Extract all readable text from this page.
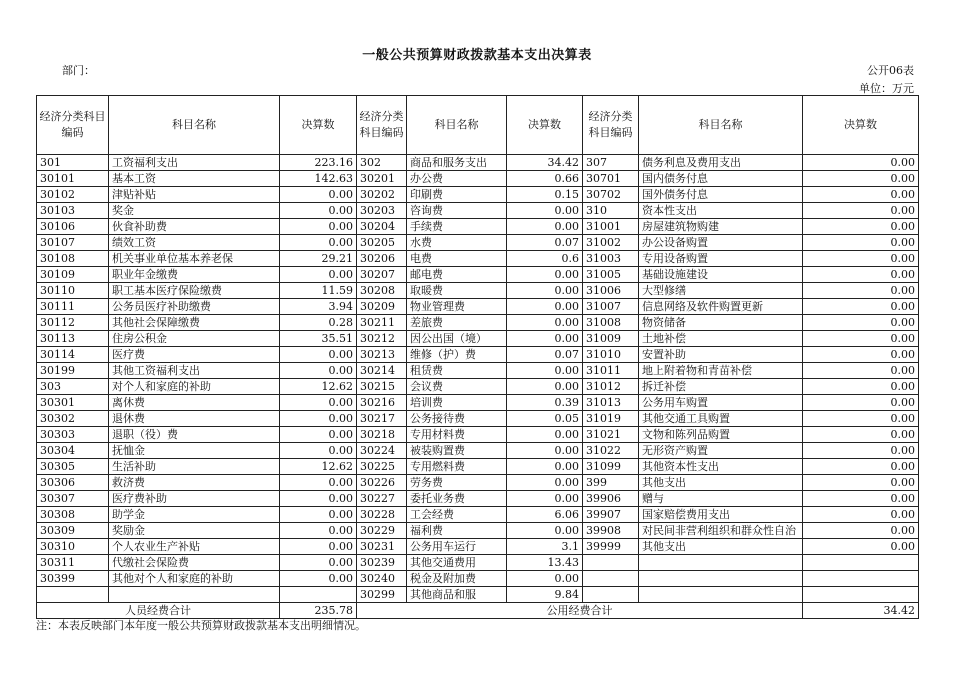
一般公共预算财政拨款基本支出决算表
部门：	公开06表
单位：万元
经济分类科目编码	科目名称	决算数	经济分类科目编码	科目名称	决算数	经济分类科目编码	科目名称	决算数
301	工资福利支出	223.16	302	商品和服务支出	34.42	307	债务利息及费用支出	0.00
30101	基本工资	142.63	30201	办公费	0.66	30701	国内债务付息	0.00
30102	津贴补贴	0.00	30202	印刷费	0.15	30702	国外债务付息	0.00
30103	奖金	0.00	30203	咨询费	0.00	310	资本性支出	0.00
30106	伙食补助费	0.00	30204	手续费	0.00	31001	房屋建筑物购建	0.00
30107	绩效工资	0.00	30205	水费	0.07	31002	办公设备购置	0.00
30108	机关事业单位基本养老保	29.21	30206	电费	0.6	31003	专用设备购置	0.00
30109	职业年金缴费	0.00	30207	邮电费	0.00	31005	基础设施建设	0.00
30110	职工基本医疗保险缴费	11.59	30208	取暖费	0.00	31006	大型修缮	0.00
30111	公务员医疗补助缴费	3.94	30209	物业管理费	0.00	31007	信息网络及软件购置更新	0.00
30112	其他社会保障缴费	0.28	30211	差旅费	0.00	31008	物资储备	0.00
30113	住房公积金	35.51	30212	因公出国（境）	0.00	31009	土地补偿	0.00
30114	医疗费	0.00	30213	维修（护）费	0.07	31010	安置补助	0.00
30199	其他工资福利支出	0.00	30214	租赁费	0.00	31011	地上附着物和青苗补偿	0.00
303	对个人和家庭的补助	12.62	30215	会议费	0.00	31012	拆迁补偿	0.00
30301	离休费	0.00	30216	培训费	0.39	31013	公务用车购置	0.00
30302	退休费	0.00	30217	公务接待费	0.05	31019	其他交通工具购置	0.00
30303	退职（役）费	0.00	30218	专用材料费	0.00	31021	文物和陈列品购置	0.00
30304	抚恤金	0.00	30224	被装购置费	0.00	31022	无形资产购置	0.00
30305	生活补助	12.62	30225	专用燃料费	0.00	31099	其他资本性支出	0.00
30306	救济费	0.00	30226	劳务费	0.00	399	其他支出	0.00
30307	医疗费补助	0.00	30227	委托业务费	0.00	39906	赠与	0.00
30308	助学金	0.00	30228	工会经费	6.06	39907	国家赔偿费用支出	0.00
30309	奖励金	0.00	30229	福利费	0.00	39908	对民间非营利组织和群众性自治	0.00
30310	个人农业生产补贴	0.00	30231	公务用车运行	3.1	39999	其他支出	0.00
30311	代缴社会保险费	0.00	30239	其他交通费用	13.43			
30399	其他对个人和家庭的补助	0.00	30240	税金及附加费	0.00			
			30299	其他商品和服	9.84			
人员经费合计		235.78	公用经费合计					34.42
注：本表反映部门本年度一般公共预算财政拨款基本支出明细情况。
